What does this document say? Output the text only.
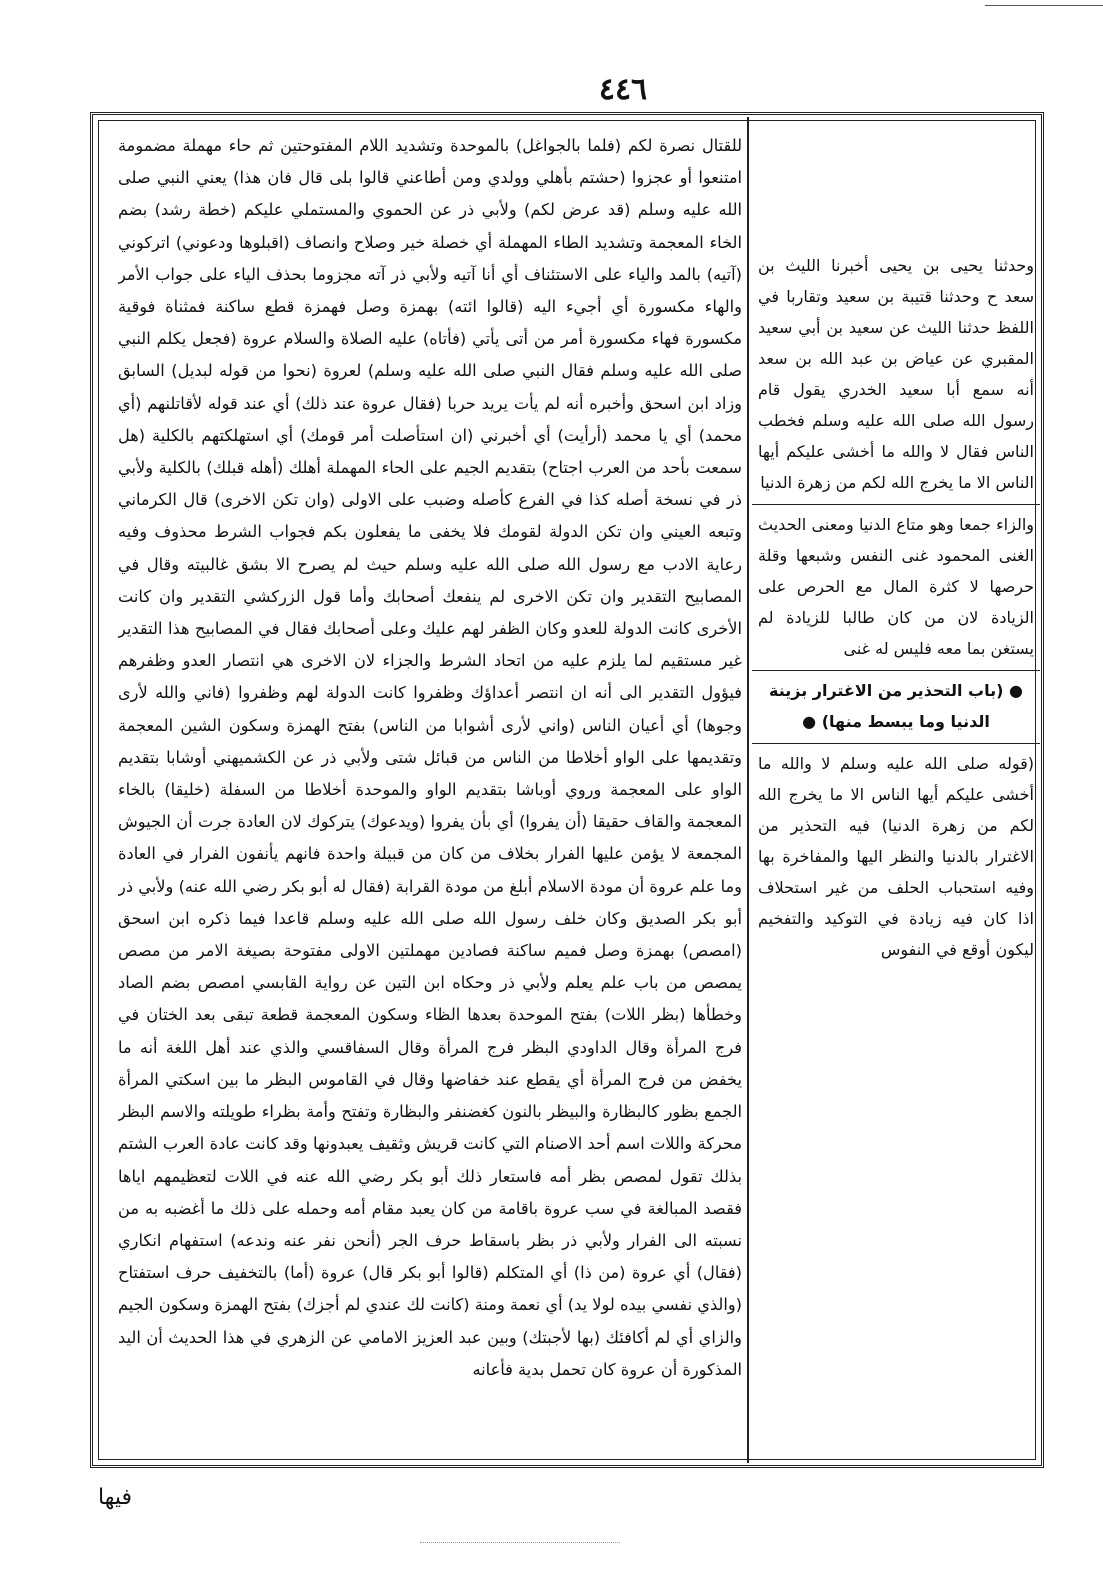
٤٤٦

للقتال نصرة لكم (فلما بالجواغل) بالموحدة وتشديد اللام المفتوحتين ثم حاء مهملة مضمومة امتنعوا أو عجزوا (حشتم بأهلي وولدي ومن أطاعني قالوا بلى قال فان هذا) يعني النبي صلى الله عليه وسلم (قد عرض لكم) ولأبي ذر عن الحموي والمستملي عليكم (خطة رشد) بضم الخاء المعجمة وتشديد الطاء المهملة أي خصلة خير وصلاح وانصاف (اقبلوها ودعوني) اتركوني (آتيه) بالمد والياء على الاستئناف أي أنا آتيه ولأبي ذر آته مجزوما بحذف الياء على جواب الأمر والهاء مكسورة أي أجيء اليه (قالوا ائته) بهمزة وصل فهمزة قطع ساكنة فمثناة فوقية مكسورة فهاء مكسورة أمر من أتى يأتي (فأتاه) عليه الصلاة والسلام عروة (فجعل يكلم النبي صلى الله عليه وسلم فقال النبي صلى الله عليه وسلم) لعروة (نحوا من قوله لبديل) السابق وزاد ابن اسحق وأخبره أنه لم يأت يريد حربا (فقال عروة عند ذلك) أي عند قوله لأقاتلنهم (أي محمد) أي يا محمد (أرأيت) أي أخبرني (ان استأصلت أمر قومك) أي استهلكتهم بالكلية (هل سمعت بأحد من العرب اجتاح) بتقديم الجيم على الحاء المهملة أهلك (أهله قبلك) بالكلية ولأبي ذر في نسخة أصله كذا في الفرع كأصله وضبب على الاولى (وان تكن الاخرى) قال الكرماني وتبعه العيني وان تكن الدولة لقومك فلا يخفى ما يفعلون بكم فجواب الشرط محذوف وفيه رعاية الادب مع رسول الله صلى الله عليه وسلم حيث لم يصرح الا بشق غالبيته وقال في المصابيح التقدير وان تكن الاخرى لم ينفعك أصحابك وأما قول الزركشي التقدير وان كانت الأخرى كانت الدولة للعدو وكان الظفر لهم عليك وعلى أصحابك فقال في المصابيح هذا التقدير غير مستقيم لما يلزم عليه من اتحاد الشرط والجزاء لان الاخرى هي انتصار العدو وظفرهم فيؤول التقدير الى أنه ان انتصر أعداؤك وظفروا كانت الدولة لهم وظفروا (فاني والله لأرى وجوها) أي أعيان الناس (واني لأرى أشوابا من الناس) بفتح الهمزة وسكون الشين المعجمة وتقديمها على الواو أخلاطا من الناس من قبائل شتى ولأبي ذر عن الكشميهني أوشابا بتقديم الواو على المعجمة وروي أوباشا بتقديم الواو والموحدة أخلاطا من السفلة (خليقا) بالخاء المعجمة والقاف حقيقا (أن يفروا) أي بأن يفروا (ويدعوك) يتركوك لان العادة جرت أن الجيوش المجمعة لا يؤمن عليها الفرار بخلاف من كان من قبيلة واحدة فانهم يأنفون الفرار في العادة وما علم عروة أن مودة الاسلام أبلغ من مودة القرابة (فقال له أبو بكر رضي الله عنه) ولأبي ذر أبو بكر الصديق وكان خلف رسول الله صلى الله عليه وسلم قاعدا فيما ذكره ابن اسحق (امصص) بهمزة وصل فميم ساكنة فصادين مهملتين الاولى مفتوحة بصيغة الامر من مصص يمصص من باب علم يعلم ولأبي ذر وحكاه ابن التين عن رواية القابسي امصص بضم الصاد وخطأها (بظر اللات) بفتح الموحدة بعدها الظاء وسكون المعجمة قطعة تبقى بعد الختان في فرج المرأة وقال الداودي البظر فرج المرأة وقال السفاقسي والذي عند أهل اللغة أنه ما يخفض من فرج المرأة أي يقطع عند خفاضها وقال في القاموس البظر ما بين اسكتي المرأة الجمع بظور كالبظارة والبيظر بالنون كغضنفر والبظارة وتفتح وأمة بظراء طويلته والاسم البظر محركة واللات اسم أحد الاصنام التي كانت قريش وثقيف يعبدونها وقد كانت عادة العرب الشتم بذلك تقول لمصص بظر أمه فاستعار ذلك أبو بكر رضي الله عنه في اللات لتعظيمهم اياها فقصد المبالغة في سب عروة باقامة من كان يعبد مقام أمه وحمله على ذلك ما أغضبه به من نسبته الى الفرار ولأبي ذر بظر باسقاط حرف الجر (أنحن نفر عنه وندعه) استفهام انكاري (فقال) أي عروة (من ذا) أي المتكلم (قالوا أبو بكر قال) عروة (أما) بالتخفيف حرف استفتاح (والذي نفسي بيده لولا يد) أي نعمة ومنة (كانت لك عندي لم أجزك) بفتح الهمزة وسكون الجيم والزاي أي لم أكافئك (بها لأجبتك) وبين عبد العزيز الامامي عن الزهري في هذا الحديث أن اليد المذكورة أن عروة كان تحمل بدية فأعانه

وحدثنا يحيى بن يحيى أخبرنا الليث بن سعد ح وحدثنا قتيبة بن سعيد وتقاربا في اللفظ حدثنا الليث عن سعيد بن أبي سعيد المقبري عن عياض بن عبد الله بن سعد أنه سمع أبا سعيد الخدري يقول قام رسول الله صلى الله عليه وسلم فخطب الناس فقال لا والله ما أخشى عليكم أيها الناس الا ما يخرج الله لكم من زهرة الدنيا
والزاء جمعا وهو متاع الدنيا ومعنى الحديث الغنى المحمود غنى النفس وشبعها وقلة حرصها لا كثرة المال مع الحرص على الزيادة لان من كان طالبا للزيادة لم يستغن بما معه فليس له غنى
● (باب التحذير من الاغترار بزينة الدنيا وما يبسط منها) ●
(قوله صلى الله عليه وسلم لا والله ما أخشى عليكم أيها الناس الا ما يخرج الله لكم من زهرة الدنيا) فيه التحذير من الاغترار بالدنيا والنظر اليها والمفاخرة بها وفيه استحباب الحلف من غير استحلاف اذا كان فيه زيادة في التوكيد والتفخيم ليكون أوقع في النفوس
فيها
